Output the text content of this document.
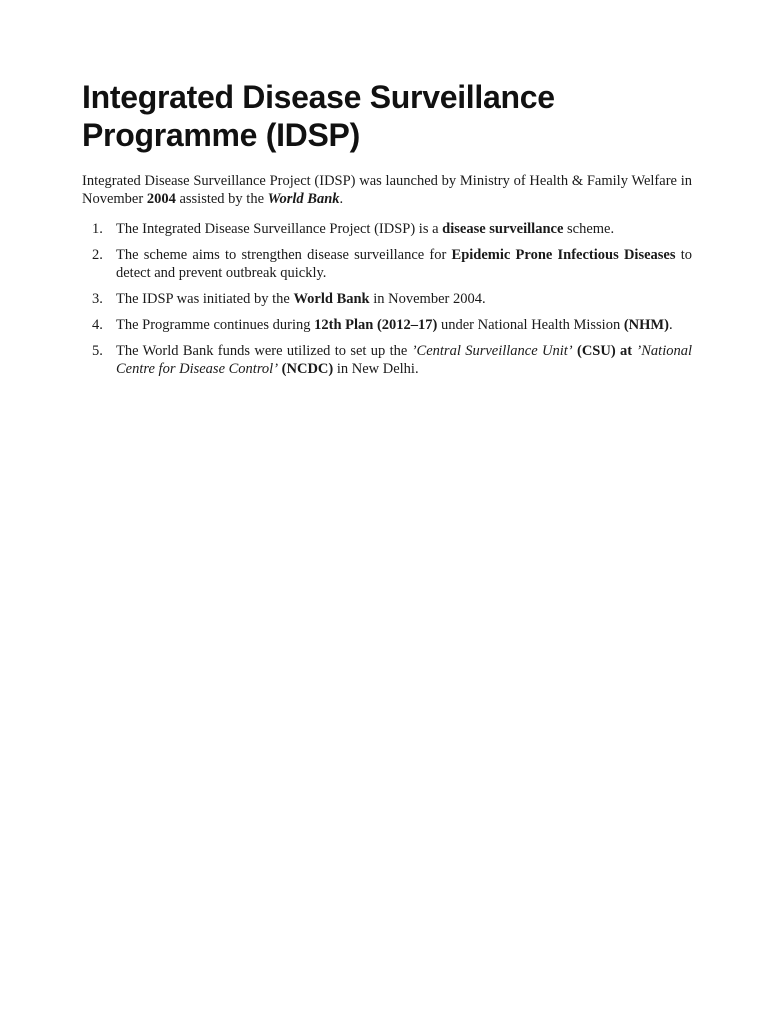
Integrated Disease Surveillance Programme (IDSP)

Integrated Disease Surveillance Project (IDSP) was launched by Ministry of Health & Family Welfare in November 2004 assisted by the World Bank.

1. The Integrated Disease Surveillance Project (IDSP) is a disease surveillance scheme.
2. The scheme aims to strengthen disease surveillance for Epidemic Prone Infectious Diseases to detect and prevent outbreak quickly.
3. The IDSP was initiated by the World Bank in November 2004.
4. The Programme continues during 12th Plan (2012–17) under National Health Mission (NHM).
5. The World Bank funds were utilized to set up the ’Central Surveillance Unit’ (CSU) at ’National Centre for Disease Control’ (NCDC) in New Delhi.
